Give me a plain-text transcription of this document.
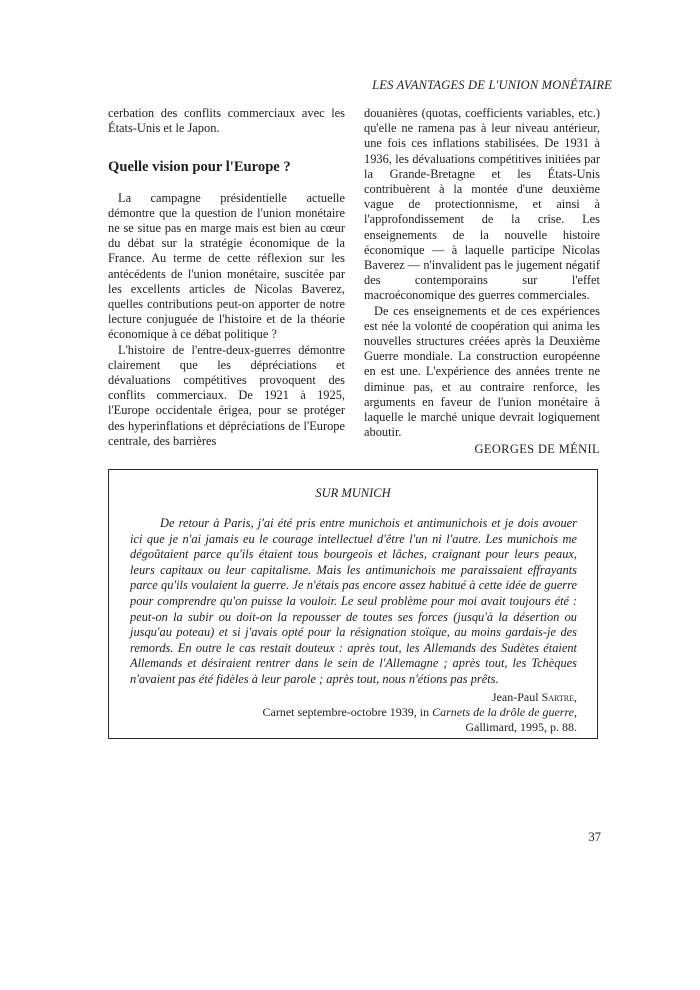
LES AVANTAGES DE L'UNION MONÉTAIRE

cerbation des conflits commerciaux avec les États-Unis et le Japon.

Quelle vision pour l'Europe ?

La campagne présidentielle actuelle démontre que la question de l'union monétaire ne se situe pas en marge mais est bien au cœur du débat sur la stratégie économique de la France. Au terme de cette réflexion sur les antécédents de l'union monétaire, suscitée par les excellents articles de Nicolas Baverez, quelles contributions peut-on apporter de notre lecture conjuguée de l'histoire et de la théorie économique à ce débat politique ?

L'histoire de l'entre-deux-guerres démontre clairement que les dépréciations et dévaluations compétitives provoquent des conflits commerciaux. De 1921 à 1925, l'Europe occidentale érigea, pour se protéger des hyperinflations et dépréciations de l'Europe centrale, des barrières

douanières (quotas, coefficients variables, etc.) qu'elle ne ramena pas à leur niveau antérieur, une fois ces inflations stabilisées. De 1931 à 1936, les dévaluations compétitives initiées par la Grande-Bretagne et les États-Unis contribuèrent à la montée d'une deuxième vague de protectionnisme, et ainsi à l'approfondissement de la crise. Les enseignements de la nouvelle histoire économique — à laquelle participe Nicolas Baverez — n'invalident pas le jugement négatif des contemporains sur l'effet macroéconomique des guerres commerciales.

De ces enseignements et de ces expériences est née la volonté de coopération qui anima les nouvelles structures créées après la Deuxième Guerre mondiale. La construction européenne en est une. L'expérience des années trente ne diminue pas, et au contraire renforce, les arguments en faveur de l'union monétaire à laquelle le marché unique devrait logiquement aboutir.

GEORGES DE MÉNIL
SUR MUNICH

De retour à Paris, j'ai été pris entre munichois et antimunichois et je dois avouer ici que je n'ai jamais eu le courage intellectuel d'être l'un ni l'autre. Les munichois me dégoûtaient parce qu'ils étaient tous bourgeois et lâches, craignant pour leurs peaux, leurs capitaux ou leur capitalisme. Mais les antimunichois me paraissaient effrayants parce qu'ils voulaient la guerre. Je n'étais pas encore assez habitué à cette idée de guerre pour comprendre qu'on puisse la vouloir. Le seul problème pour moi avait toujours été : peut-on la subir ou doit-on la repousser de toutes ses forces (jusqu'à la désertion ou jusqu'au poteau) et si j'avais opté pour la résignation stoïque, au moins gardais-je des remords. En outre le cas restait douteux : après tout, les Allemands des Sudètes étaient Allemands et désiraient rentrer dans le sein de l'Allemagne ; après tout, les Tchèques n'avaient pas été fidèles à leur parole ; après tout, nous n'étions pas prêts.

Jean-Paul Sartre,
Carnet septembre-octobre 1939, in Carnets de la drôle de guerre,
Gallimard, 1995, p. 88.
37
